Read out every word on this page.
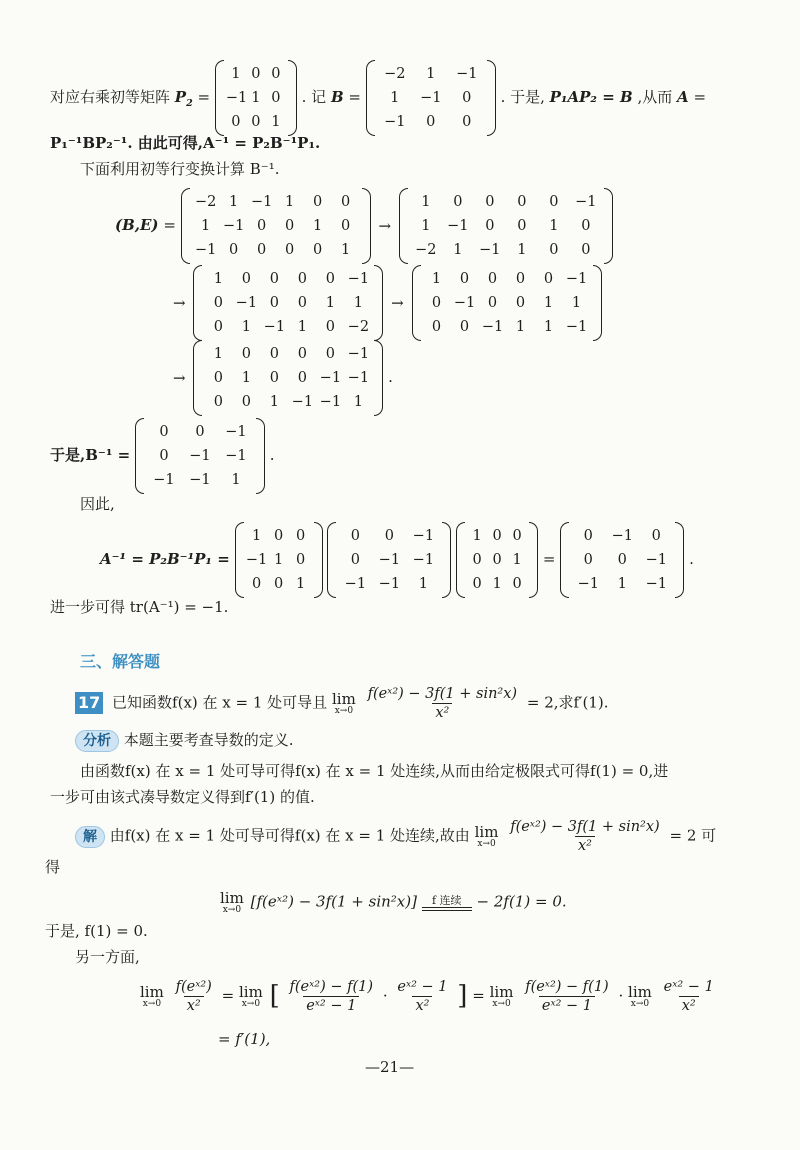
对应右乘初等矩阵 $P_2$ =
1 0 0
−1 1 0
0 0 1
. 记 B =
−2	1	−1
1	−1	0
−1	0	0
. 于是, P₁AP₂ = B ,从而 A =
P₁⁻¹BP₂⁻¹. 由此可得,A⁻¹ = P₂B⁻¹P₁.
下面利用初等行变换计算 B⁻¹.
(B,E) =
−2 1 −1 1	0	0
1 −1 0	0	1	0
−1 0	0	0	0	1
→
1	0	0	0	0	−1
1	−1	0	0	1	0
−2	1	−1	1	0	0
→
1	0	0	0	0 −1
0 −1 0	0	1	1
0	1 −1 1	0 −2
→
1	0	0	0	0 −1
0 −1 0	0	1	1
0	0 −1 1	1 −1
→
1	0	0	0	0 −1
0	1	0	0 −1 −1
0	0	1 −1 −1 1
.
于是,B⁻¹ =
0	0	−1
0	−1	−1
−1	−1	1
.
因此,
A⁻¹ = P₂B⁻¹P₁ =
1 0 0
−1 1 0
0 0 1

0	0	−1
0	−1 −1
−1 −1	1

1 0 0
0 0 1
0 1 0
=
0	−1	0
0	0	−1
−1	1	−1
.
进一步可得 tr(A⁻¹) = −1.
三、解答题
17 已知函数f(x) 在 x = 1 处可导且 lim
x→0
$\frac{\text{f(eˣ²) − 3f(1 + sin²x)}}{\text{x²}} = 2$,求f′(1).
分析 本题主要考查导数的定义.
由函数f(x) 在 x = 1 处可导可得f(x) 在 x = 1 处连续,从而由给定极限式可得f(1) = 0,进
一步可由该式凑导数定义得到f′(1) 的值.
解 由f(x) 在 x = 1 处可导可得f(x) 在 x = 1 处连续,故由 lim
x→0
$\frac{\text{f(eˣ²) − 3f(1 + sin²x)}}{\text{x²}} = 2$ 可
得
lim
x→0 [f(eˣ²) − 3f(1 + sin²x)] f 连续 − 2f(1) = 0.
于是, f(1) = 0.
另一方面,
lim
x→0
$\frac{\text{f(eˣ²)}}{\text{x²}} = \lim$
x→0 [ $\frac{\text{f(eˣ²) − f(1)}}{\text{eˣ² − 1}} \cdot \frac{\text{eˣ² − 1}}{\text{x²}}$ ] = lim
x→0
$\frac{\text{f(eˣ²) − f(1)}}{\text{eˣ² − 1}} \cdot \lim$
x→0
$\frac{\text{eˣ² − 1}}{\text{x²}}$
= f′(1),
—21—
